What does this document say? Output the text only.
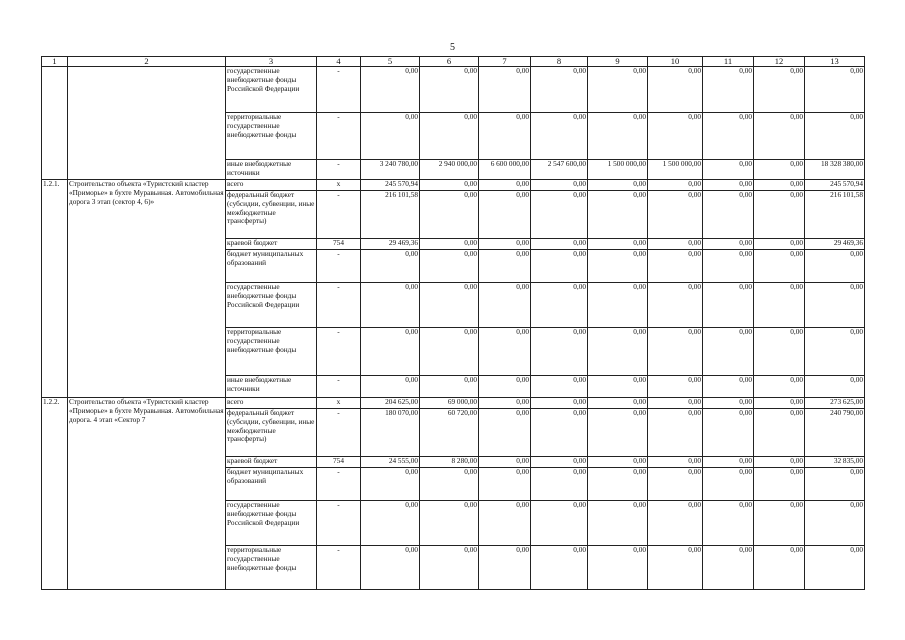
5
1	2	3	4	5	6	7	8	9	10	11	12	13
		государственные внебюджетные фонды Российской Федерации	-	0,00	0,00	0,00	0,00	0,00	0,00	0,00	0,00	0,00
		территориальные государственные внебюджетные фонды	-	0,00	0,00	0,00	0,00	0,00	0,00	0,00	0,00	0,00
		иные внебюджетные источники	-	3 240 780,00	2 940 000,00	6 600 000,00	2 547 600,00	1 500 000,00	1 500 000,00	0,00	0,00	18 328 380,00
1.2.1.	Строительство объекта «Туристский кластер «Приморье» в бухте Муравьиная. Автомобильная дорога 3 этап (сектор 4, 6)»	всего	х	245 570,94	0,00	0,00	0,00	0,00	0,00	0,00	0,00	245 570,94
		федеральный бюджет (субсидии, субвенции, иные межбюджетные трансферты)	-	216 101,58	0,00	0,00	0,00	0,00	0,00	0,00	0,00	216 101,58
		краевой бюджет	754	29 469,36	0,00	0,00	0,00	0,00	0,00	0,00	0,00	29 469,36
		бюджет муниципальных образований	-	0,00	0,00	0,00	0,00	0,00	0,00	0,00	0,00	0,00
		государственные внебюджетные фонды Российской Федерации	-	0,00	0,00	0,00	0,00	0,00	0,00	0,00	0,00	0,00
		территориальные государственные внебюджетные фонды	-	0,00	0,00	0,00	0,00	0,00	0,00	0,00	0,00	0,00
		иные внебюджетные источники	-	0,00	0,00	0,00	0,00	0,00	0,00	0,00	0,00	0,00
1.2.2.	Строительство объекта «Туристский кластер «Приморье» в бухте Муравьиная. Автомобильная дорога. 4 этап «Сектор 7	всего	х	204 625,00	69 000,00	0,00	0,00	0,00	0,00	0,00	0,00	273 625,00
		федеральный бюджет (субсидии, субвенции, иные межбюджетные трансферты)	-	180 070,00	60 720,00	0,00	0,00	0,00	0,00	0,00	0,00	240 790,00
		краевой бюджет	754	24 555,00	8 280,00	0,00	0,00	0,00	0,00	0,00	0,00	32 835,00
		бюджет муниципальных образований	-	0,00	0,00	0,00	0,00	0,00	0,00	0,00	0,00	0,00
		государственные внебюджетные фонды Российской Федерации	-	0,00	0,00	0,00	0,00	0,00	0,00	0,00	0,00	0,00
		территориальные государственные внебюджетные фонды	-	0,00	0,00	0,00	0,00	0,00	0,00	0,00	0,00	0,00
